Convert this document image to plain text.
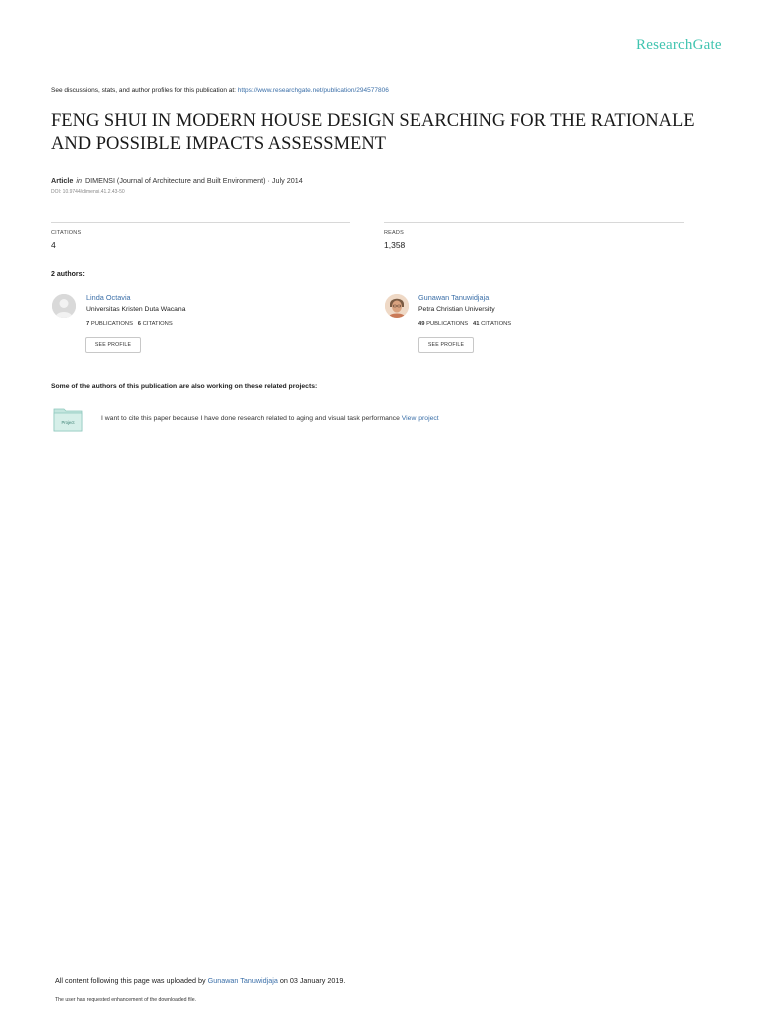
ResearchGate
See discussions, stats, and author profiles for this publication at: https://www.researchgate.net/publication/294577806
FENG SHUI IN MODERN HOUSE DESIGN SEARCHING FOR THE RATIONALE AND POSSIBLE IMPACTS ASSESSMENT
Article in DIMENSI (Journal of Architecture and Built Environment) · July 2014
DOI: 10.9744/dimensi.41.2.43-50
CITATIONS
4
READS
1,358
2 authors:
Linda Octavia
Universitas Kristen Duta Wacana
7 PUBLICATIONS 6 CITATIONS
SEE PROFILE
Gunawan Tanuwidjaja
Petra Christian University
49 PUBLICATIONS 41 CITATIONS
SEE PROFILE
Some of the authors of this publication are also working on these related projects:
Project
I want to cite this paper because I have done research related to aging and visual task performance View project
All content following this page was uploaded by Gunawan Tanuwidjaja on 03 January 2019.
The user has requested enhancement of the downloaded file.
